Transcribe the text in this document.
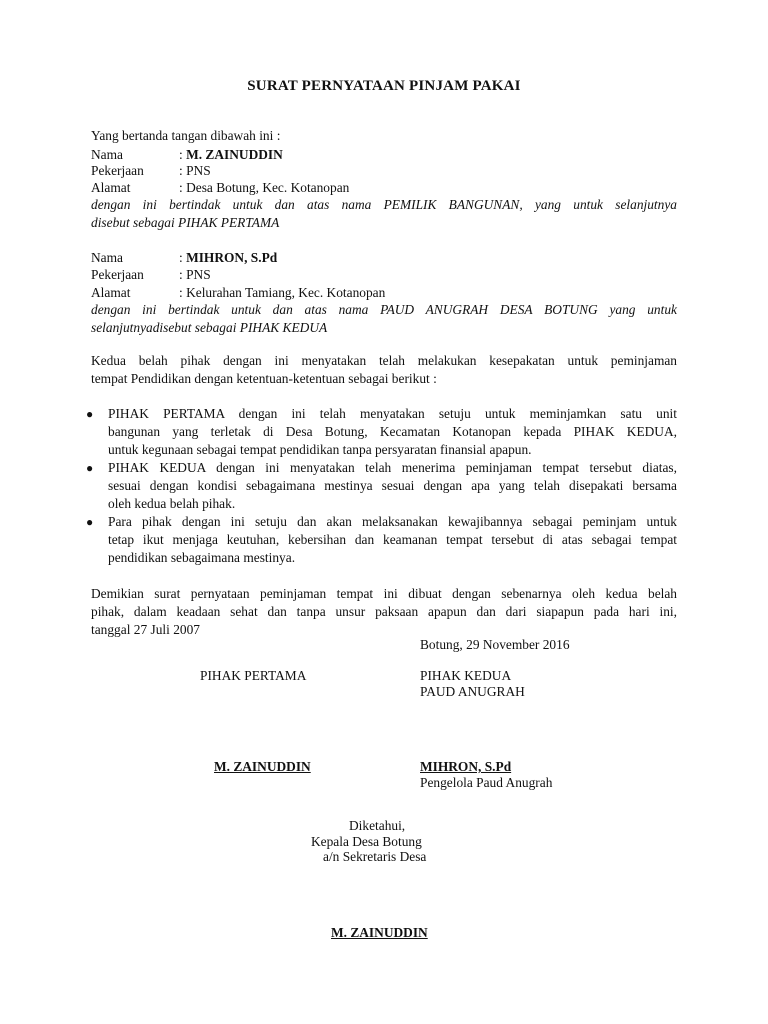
SURAT PERNYATAAN PINJAM PAKAI
Yang bertanda tangan dibawah ini :
Nama	: M. ZAINUDDIN
Pekerjaan	: PNS
Alamat	: Desa Botung, Kec. Kotanopan
dengan ini bertindak untuk dan atas nama PEMILIK BANGUNAN, yang untuk selanjutnya
disebut sebagai PIHAK PERTAMA
Nama	: MIHRON, S.Pd
Pekerjaan	: PNS
Alamat	: Kelurahan Tamiang, Kec. Kotanopan
dengan ini bertindak untuk dan atas nama PAUD ANUGRAH DESA BOTUNG yang untuk
selanjutnyadisebut sebagai PIHAK KEDUA
Kedua belah pihak dengan ini menyatakan telah melakukan kesepakatan untuk peminjaman
tempat Pendidikan dengan ketentuan-ketentuan sebagai berikut :
● PIHAK PERTAMA dengan ini telah menyatakan setuju untuk meminjamkan satu unit
bangunan yang terletak di Desa Botung, Kecamatan Kotanopan kepada PIHAK KEDUA,
untuk kegunaan sebagai tempat pendidikan tanpa persyaratan finansial apapun.
● PIHAK KEDUA dengan ini menyatakan telah menerima peminjaman tempat tersebut diatas,
sesuai dengan kondisi sebagaimana mestinya sesuai dengan apa yang telah disepakati bersama
oleh kedua belah pihak.
● Para pihak dengan ini setuju dan akan melaksanakan kewajibannya sebagai peminjam untuk
tetap ikut menjaga keutuhan, kebersihan dan keamanan tempat tersebut di atas sebagai tempat
pendidikan sebagaimana mestinya.
Demikian surat pernyataan peminjaman tempat ini dibuat dengan sebenarnya oleh kedua belah
pihak, dalam keadaan sehat dan tanpa unsur paksaan apapun dan dari siapapun pada hari ini,
tanggal 27 Juli 2007
Botung, 29 November 2016
PIHAK PERTAMA	PIHAK KEDUA
PAUD ANUGRAH
M. ZAINUDDIN	MIHRON, S.Pd
Pengelola Paud Anugrah
Diketahui,
Kepala Desa Botung
a/n Sekretaris Desa
M. ZAINUDDIN
